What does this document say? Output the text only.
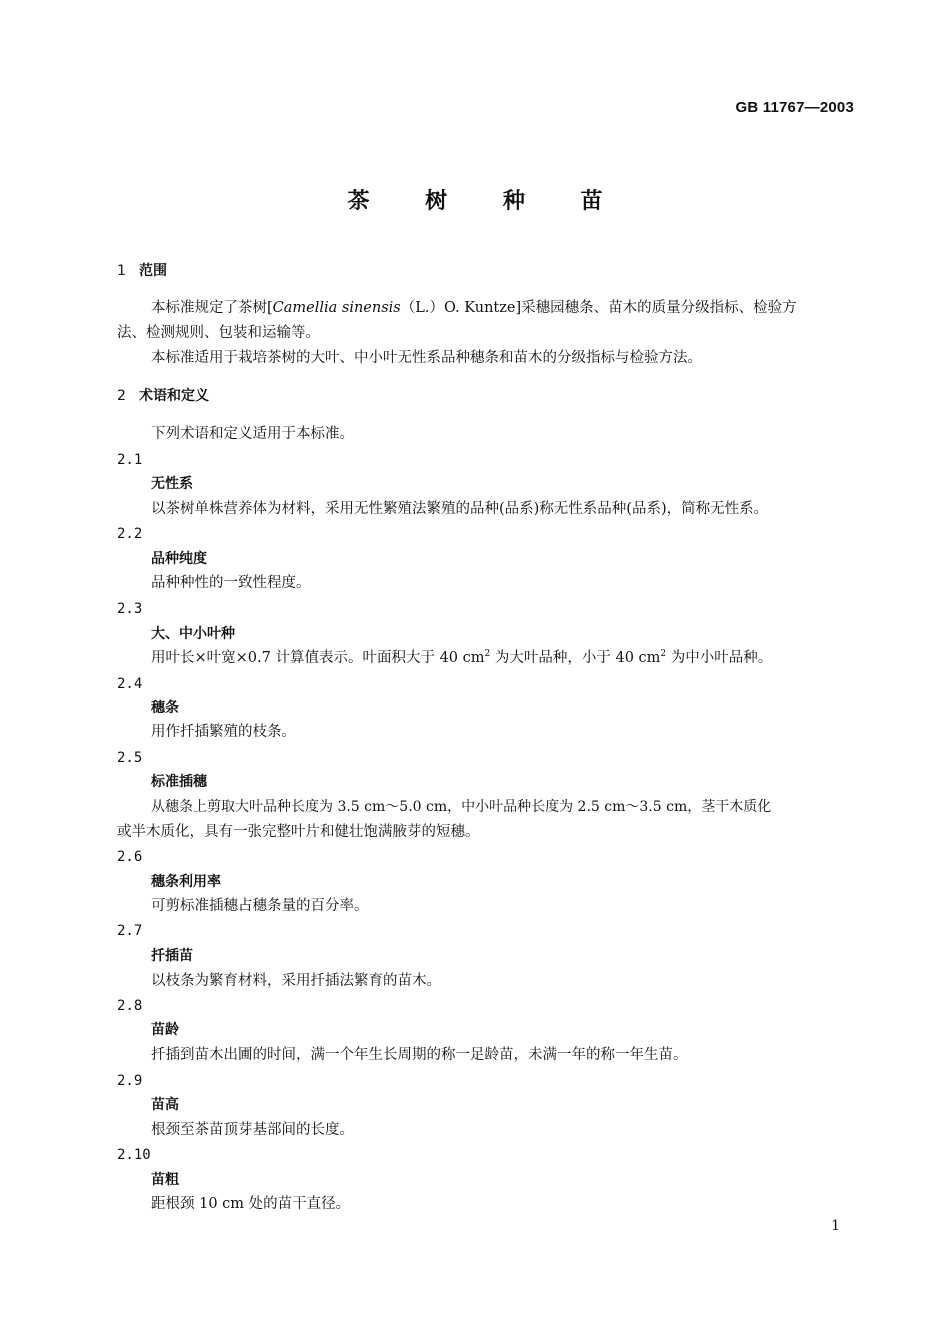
GB 11767—2003
茶 树 种 苗
1 范围
本标准规定了茶树[Camellia sinensis（L.）O. Kuntze]采穗园穗条、苗木的质量分级指标、检验方
法、检测规则、包装和运输等。
本标准适用于栽培茶树的大叶、中小叶无性系品种穗条和苗木的分级指标与检验方法。
2 术语和定义
下列术语和定义适用于本标准。
2.1
无性系
以茶树单株营养体为材料，采用无性繁殖法繁殖的品种(品系)称无性系品种(品系)，简称无性系。
2.2
品种纯度
品种种性的一致性程度。
2.3
大、中小叶种
用叶长×叶宽×0.7 计算值表示。叶面积大于 40 $cm^2$ 为大叶品种，小于 40 $cm^2$ 为中小叶品种。
2.4
穗条
用作扦插繁殖的枝条。
2.5
标准插穗
从穗条上剪取大叶品种长度为 3.5 cm～5.0 cm，中小叶品种长度为 2.5 cm～3.5 cm，茎干木质化
或半木质化，具有一张完整叶片和健壮饱满腋芽的短穗。
2.6
穗条利用率
可剪标准插穗占穗条量的百分率。
2.7
扦插苗
以枝条为繁育材料，采用扦插法繁育的苗木。
2.8
苗龄
扦插到苗木出圃的时间，满一个年生长周期的称一足龄苗，未满一年的称一年生苗。
2.9
苗高
根颈至茶苗顶芽基部间的长度。
2.10
苗粗
距根颈 10 cm 处的苗干直径。
1
